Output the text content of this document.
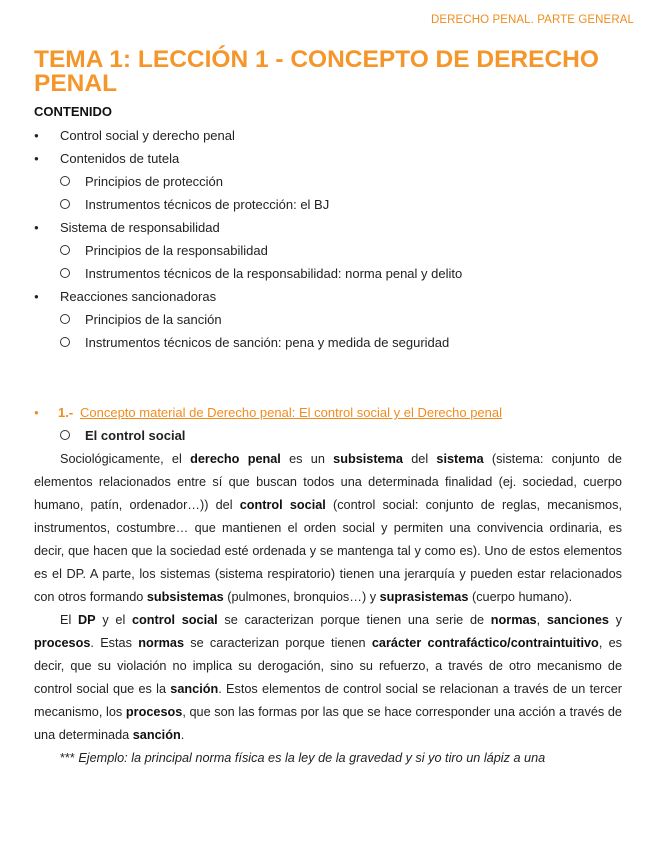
DERECHO PENAL. PARTE GENERAL
TEMA 1: LECCIÓN 1 - CONCEPTO DE DERECHO PENAL
CONTENIDO
● Control social y derecho penal
● Contenidos de tutela
Principios de protección
Instrumentos técnicos de protección: el BJ
● Sistema de responsabilidad
Principios de la responsabilidad
Instrumentos técnicos de la responsabilidad: norma penal y delito
● Reacciones sancionadoras
Principios de la sanción
Instrumentos técnicos de sanción: pena y medida de seguridad
● 1.- Concepto material de Derecho penal: El control social y el Derecho penal
El control social

Sociológicamente, el derecho penal es un subsistema del sistema (sistema: conjunto de elementos relacionados entre sí que buscan todos una determinada finalidad (ej. sociedad, cuerpo humano, patín, ordenador…)) del control social (control social: conjunto de reglas, mecanismos, instrumentos, costumbre… que mantienen el orden social y permiten una convivencia ordinaria, es decir, que hacen que la sociedad esté ordenada y se mantenga tal y como es). Uno de estos elementos es el DP. A parte, los sistemas (sistema respiratorio) tienen una jerarquía y pueden estar relacionados con otros formando subsistemas (pulmones, bronquios…) y suprasistemas (cuerpo humano).

El DP y el control social se caracterizan porque tienen una serie de normas, sanciones y procesos. Estas normas se caracterizan porque tienen carácter contrafáctico/contraintuitivo, es decir, que su violación no implica su derogación, sino su refuerzo, a través de otro mecanismo de control social que es la sanción. Estos elementos de control social se relacionan a través de un tercer mecanismo, los procesos, que son las formas por las que se hace corresponder una acción a través de una determinada sanción.

*** Ejemplo: la principal norma física es la ley de la gravedad y si yo tiro un lápiz a una
